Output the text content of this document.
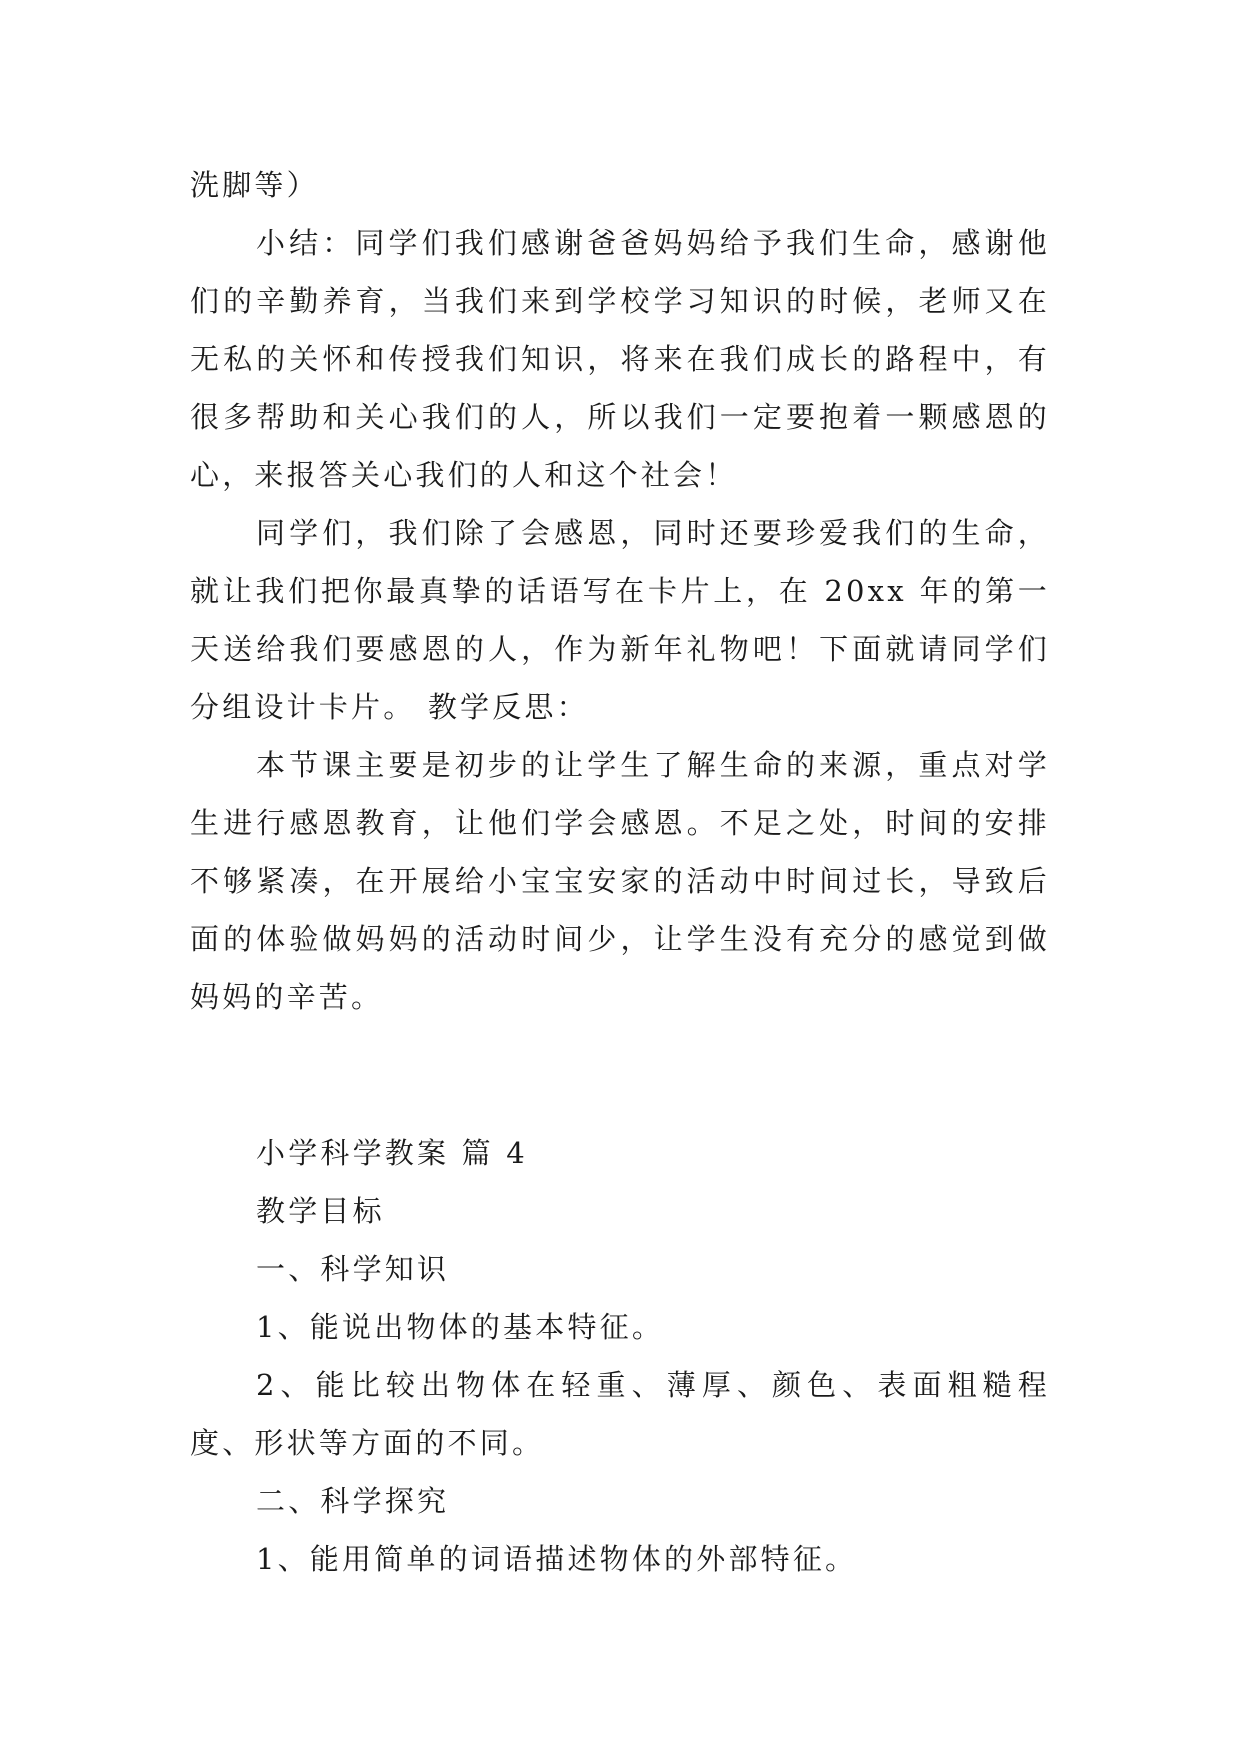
洗脚等）

小结：同学们我们感谢爸爸妈妈给予我们生命，感谢他们的辛勤养育，当我们来到学校学习知识的时候，老师又在无私的关怀和传授我们知识，将来在我们成长的路程中，有很多帮助和关心我们的人，所以我们一定要抱着一颗感恩的心，来报答关心我们的人和这个社会！

同学们，我们除了会感恩，同时还要珍爱我们的生命，就让我们把你最真挚的话语写在卡片上，在 20xx 年的第一天送给我们要感恩的人，作为新年礼物吧！下面就请同学们分组设计卡片。 教学反思：

本节课主要是初步的让学生了解生命的来源，重点对学生进行感恩教育，让他们学会感恩。不足之处，时间的安排不够紧凑，在开展给小宝宝安家的活动中时间过长，导致后面的体验做妈妈的活动时间少，让学生没有充分的感觉到做妈妈的辛苦。

小学科学教案 篇 4

教学目标

一、科学知识

1、能说出物体的基本特征。

2、能比较出物体在轻重、薄厚、颜色、表面粗糙程度、形状等方面的不同。

二、科学探究

1、能用简单的词语描述物体的外部特征。
